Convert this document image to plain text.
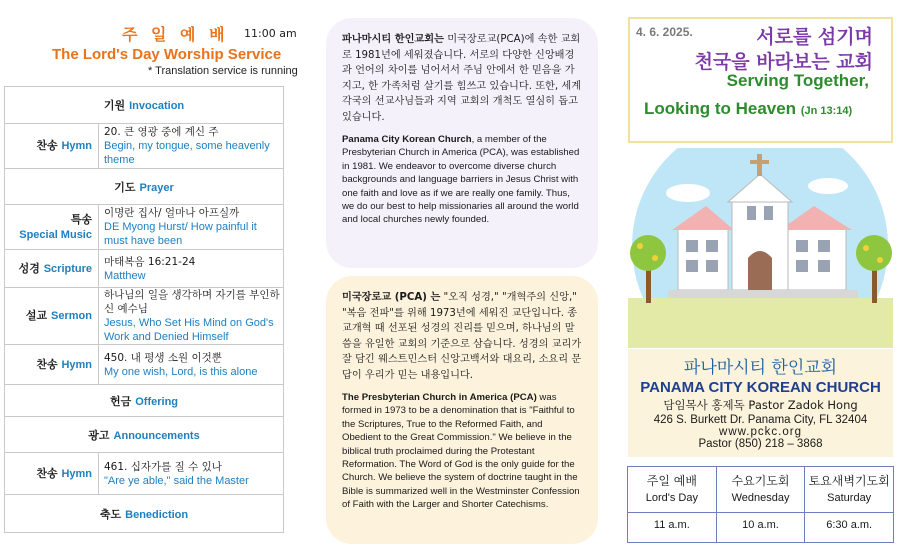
주 일 예 배 11:00 am
The Lord's Day Worship Service
* Translation service is running
기원 Invocation
찬송 Hymn
20. 큰 영광 중에 계신 주
Begin, my tongue, some heavenly theme
기도 Prayer
특송
Special Music
이명란 집사/ 얼마나 아프실까
DE Myong Hurst/ How painful it must have been
성경 Scripture
마태복음 16:21-24
Matthew
설교 Sermon
하나님의 일을 생각하며 자기를 부인하신 예수님
Jesus, Who Set His Mind on God's Work and Denied Himself
찬송 Hymn
450. 내 평생 소원 이것뿐
My one wish, Lord, is this alone
헌금 Offering
광고 Announcements
찬송 Hymn
461. 십자가를 질 수 있나
"Are ye able," said the Master
축도 Benediction

파나마시티 한인교회는 미국장로교(PCA)에 속한 교회로 1981년에 세워졌습니다. 서로의 다양한 신앙배경과 언어의 차이를 넘어서서 주님 안에서 한 믿음을 가지고, 한 가족처럼 살기를 힘쓰고 있습니다. 또한, 세계 각국의 선교사님들과 지역 교회의 개척도 열심히 돕고 있습니다.

Panama City Korean Church, a member of the Presbyterian Church in America (PCA), was established in 1981. We endeavor to overcome diverse church backgrounds and language barriers in Jesus Christ with one faith and love as if we are really one family. Thus, we do our best to help missionaries all around the world and local churches newly founded.

미국장로교 (PCA) 는 "오직 성경," "개혁주의 신앙," "복음 전파"를 위해 1973년에 세워진 교단입니다. 종교개혁 때 선포된 성경의 진리를 믿으며, 하나님의 말씀을 유일한 교회의 기준으로 삼습니다. 성경의 교리가 잘 담긴 웨스트민스터 신앙고백서와 대요리, 소요리 문답이 우리가 믿는 내용입니다.

The Presbyterian Church in America (PCA) was formed in 1973 to be a denomination that is "Faithful to the Scriptures, True to the Reformed Faith, and Obedient to the Great Commission." We believe in the biblical truth proclaimed during the Protestant Reformation. The Word of God is the only guide for the Church. We believe the system of doctrine taught in the Bible is summarized well in the Westminster Confession of Faith with the Larger and Shorter Catechisms.

4. 6. 2025.	서로를 섬기며
천국을 바라보는 교회
Serving Together,
Looking to Heaven (Jn 13:14)
파나마시티 한인교회
PANAMA CITY KOREAN CHURCH
담임목사 홍제독 Pastor Zadok Hong
426 S. Burkett Dr. Panama City, FL 32404
www.pckc.org
Pastor (850) 218 – 3868
주일 예배
Lord's Day
11 a.m.
수요기도회
Wednesday
10 a.m.
토요새벽기도회
Saturday
6:30 a.m.
